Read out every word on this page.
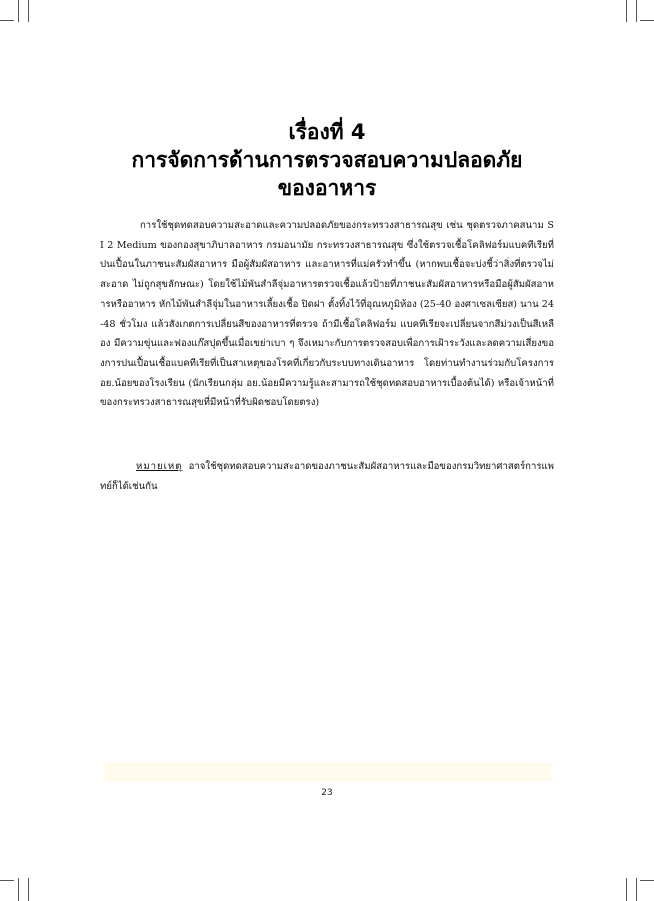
เรื่องที่ 4
การจัดการด้านการตรวจสอบความปลอดภัย
ของอาหาร
การใช้ชุดทดสอบความสะอาดและความปลอดภัยของกระทรวงสาธารณสุข เช่น ชุดตรวจภาคสนาม SI 2 Medium ของกองสุขาภิบาลอาหาร กรมอนามัย กระทรวงสาธารณสุข ซึ่งใช้ตรวจเชื้อโคลิฟอร์มแบคทีเรียที่ปนเปื้อนในภาชนะสัมผัสอาหาร มือผู้สัมผัสอาหาร และอาหารที่แม่ครัวทำขึ้น (หากพบเชื้อจะบ่งชี้ว่าสิ่งที่ตรวจไม่สะอาด ไม่ถูกสุขลักษณะ) โดยใช้ไม้พันสำลีจุ่มอาหารตรวจเชื้อแล้วป้ายที่ภาชนะสัมผัสอาหารหรือมือผู้สัมผัสอาหารหรืออาหาร หักไม้พันสำลีจุ่มในอาหารเลี้ยงเชื้อ ปิดฝา ตั้งทิ้งไว้ที่อุณหภูมิห้อง (25-40 องศาเซลเซียส) นาน 24-48 ชั่วโมง แล้วสังเกตการเปลี่ยนสีของอาหารที่ตรวจ ถ้ามีเชื้อโคลิฟอร์ม แบคทีเรียจะเปลี่ยนจากสีม่วงเป็นสีเหลือง มีความขุ่นและฟองแก๊สปุดขึ้นเมื่อเขย่าเบา ๆ จึงเหมาะกับการตรวจสอบเพื่อการเฝ้าระวังและลดความเสี่ยงของการปนเปื้อนเชื้อแบคทีเรียที่เป็นสาเหตุของโรคที่เกี่ยวกับระบบทางเดินอาหาร โดยท่านทำงานร่วมกับโครงการ อย.น้อยของโรงเรียน (นักเรียนกลุ่ม อย.น้อยมีความรู้และสามารถใช้ชุดทดสอบอาหารเบื้องต้นได้) หรือเจ้าหน้าที่ของกระทรวงสาธารณสุขที่มีหน้าที่รับผิดชอบโดยตรง)
หมายเหตุ อาจใช้ชุดทดสอบความสะอาดของภาชนะสัมผัสอาหารและมือของกรมวิทยาศาสตร์การแพทย์ก็ได้เช่นกัน
23
